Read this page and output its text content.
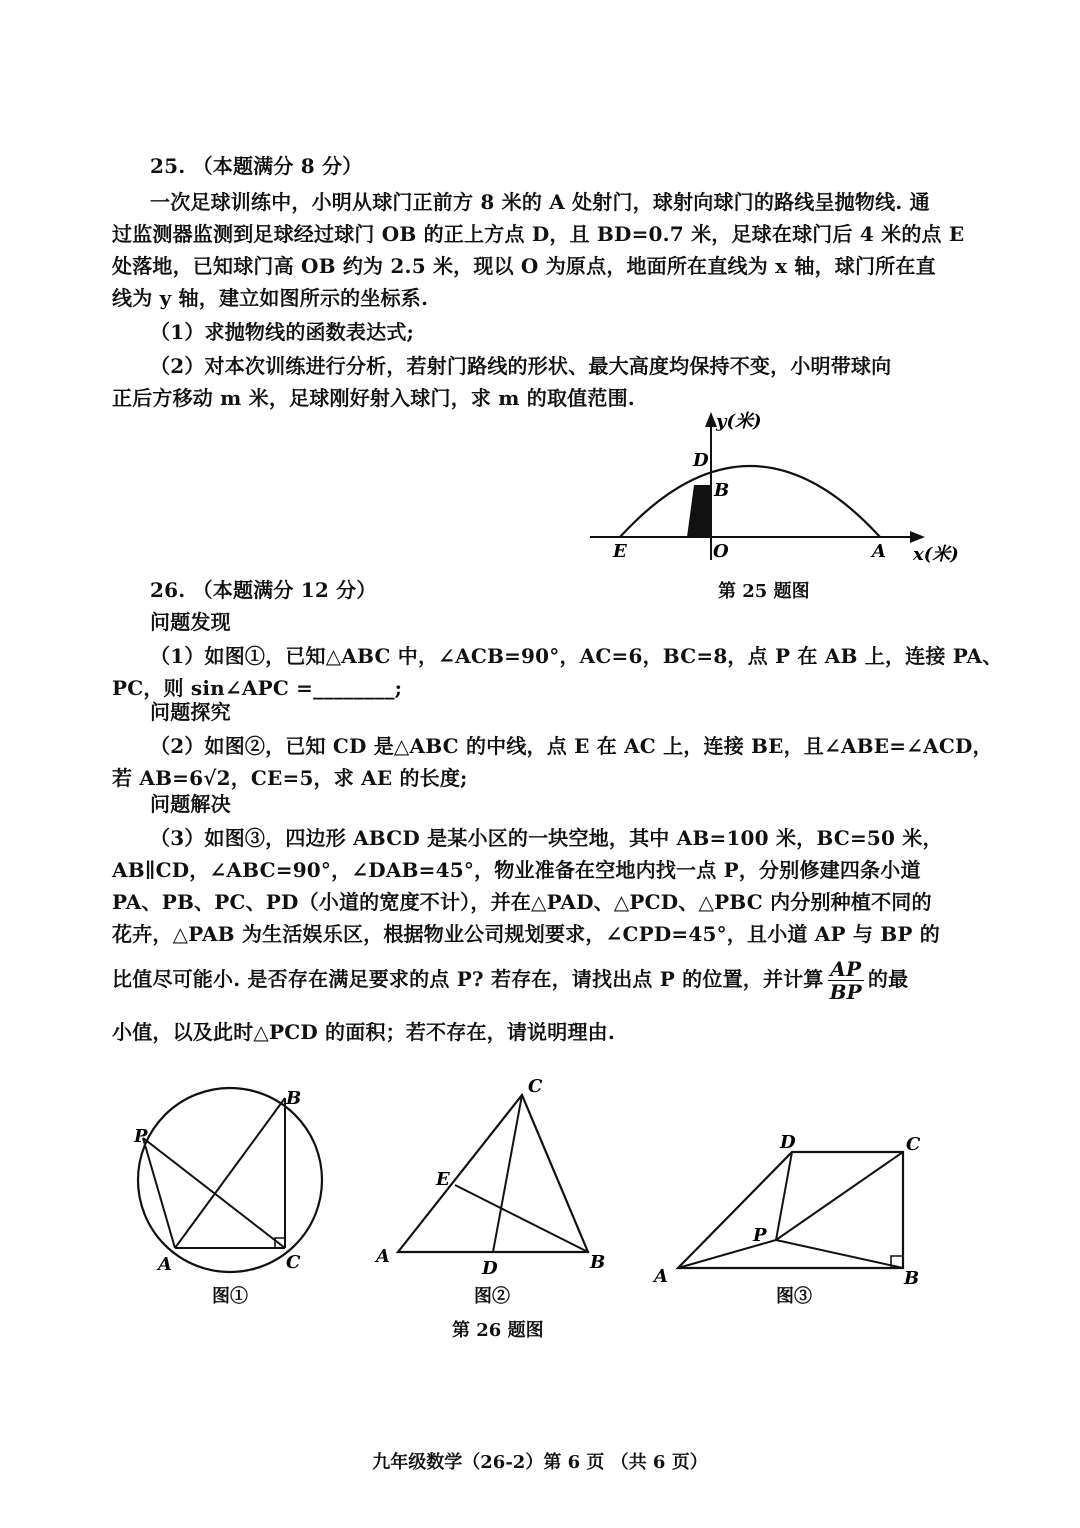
25. （本题满分 8 分）
一次足球训练中，小明从球门正前方 8 米的 A 处射门，球射向球门的路线呈抛物线. 通
过监测器监测到足球经过球门 OB 的正上方点 D，且 BD=0.7 米，足球在球门后 4 米的点 E
处落地，已知球门高 OB 约为 2.5 米，现以 O 为原点，地面所在直线为 x 轴，球门所在直
线为 y 轴，建立如图所示的坐标系.
（1）求抛物线的函数表达式;
（2）对本次训练进行分析，若射门路线的形状、最大高度均保持不变，小明带球向
正后方移动 m 米，足球刚好射入球门，求 m 的取值范围.
D
B
E	O	A
y(米)
x(米)
第 25 题图
26. （本题满分 12 分）
问题发现
（1）如图①，已知△ABC 中，∠ACB=90°，AC=6，BC=8，点 P 在 AB 上，连接 PA、
PC，则 sin∠APC =________;
问题探究
（2）如图②，已知 CD 是△ABC 的中线，点 E 在 AC 上，连接 BE，且∠ABE=∠ACD，
若 AB=6√2，CE=5，求 AE 的长度;
问题解决
（3）如图③，四边形 ABCD 是某小区的一块空地，其中 AB=100 米，BC=50 米，
AB∥CD，∠ABC=90°，∠DAB=45°，物业准备在空地内找一点 P，分别修建四条小道
PA、PB、PC、PD（小道的宽度不计），并在△PAD、△PCD、△PBC 内分别种植不同的
花卉，△PAB 为生活娱乐区，根据物业公司规划要求，∠CPD=45°，且小道 AP 与 BP 的
比值尽可能小. 是否存在满足要求的点 P? 若存在，请找出点 P 的位置，并计算 $\frac{AP}{BP}$ 的最
小值，以及此时△PCD 的面积；若不存在，请说明理由.
P
B
A	C
图①
C
E
A
D	B
图②
D	C
P
A	B
图③
第 26 题图
九年级数学（26-2）第 6 页 （共 6 页）
